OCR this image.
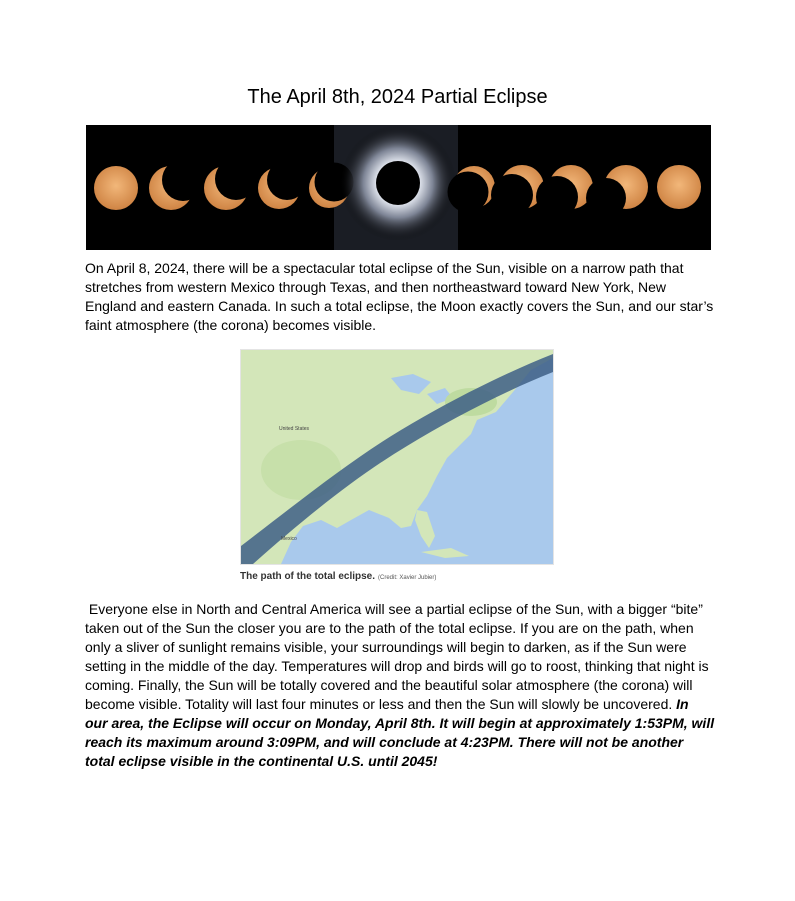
The April 8th, 2024 Partial Eclipse

On April 8, 2024, there will be a spectacular total eclipse of the Sun, visible on a narrow path that stretches from western Mexico through Texas, and then northeastward toward New York, New England and eastern Canada. In such a total eclipse, the Moon exactly covers the Sun, and our star’s faint atmosphere (the corona) becomes visible.

United States
Mexico
The path of the total eclipse. (Credit: Xavier Jubier)

Everyone else in North and Central America will see a partial eclipse of the Sun, with a bigger “bite” taken out of the Sun the closer you are to the path of the total eclipse. If you are on the path, when only a sliver of sunlight remains visible, your surroundings will begin to darken, as if the Sun were setting in the middle of the day. Temperatures will drop and birds will go to roost, thinking that night is coming. Finally, the Sun will be totally covered and the beautiful solar atmosphere (the corona) will become visible. Totality will last four minutes or less and then the Sun will slowly be uncovered. In our area, the Eclipse will occur on Monday, April 8th. It will begin at approximately 1:53PM, will reach its maximum around 3:09PM, and will conclude at 4:23PM. There will not be another total eclipse visible in the continental U.S. until 2045!
